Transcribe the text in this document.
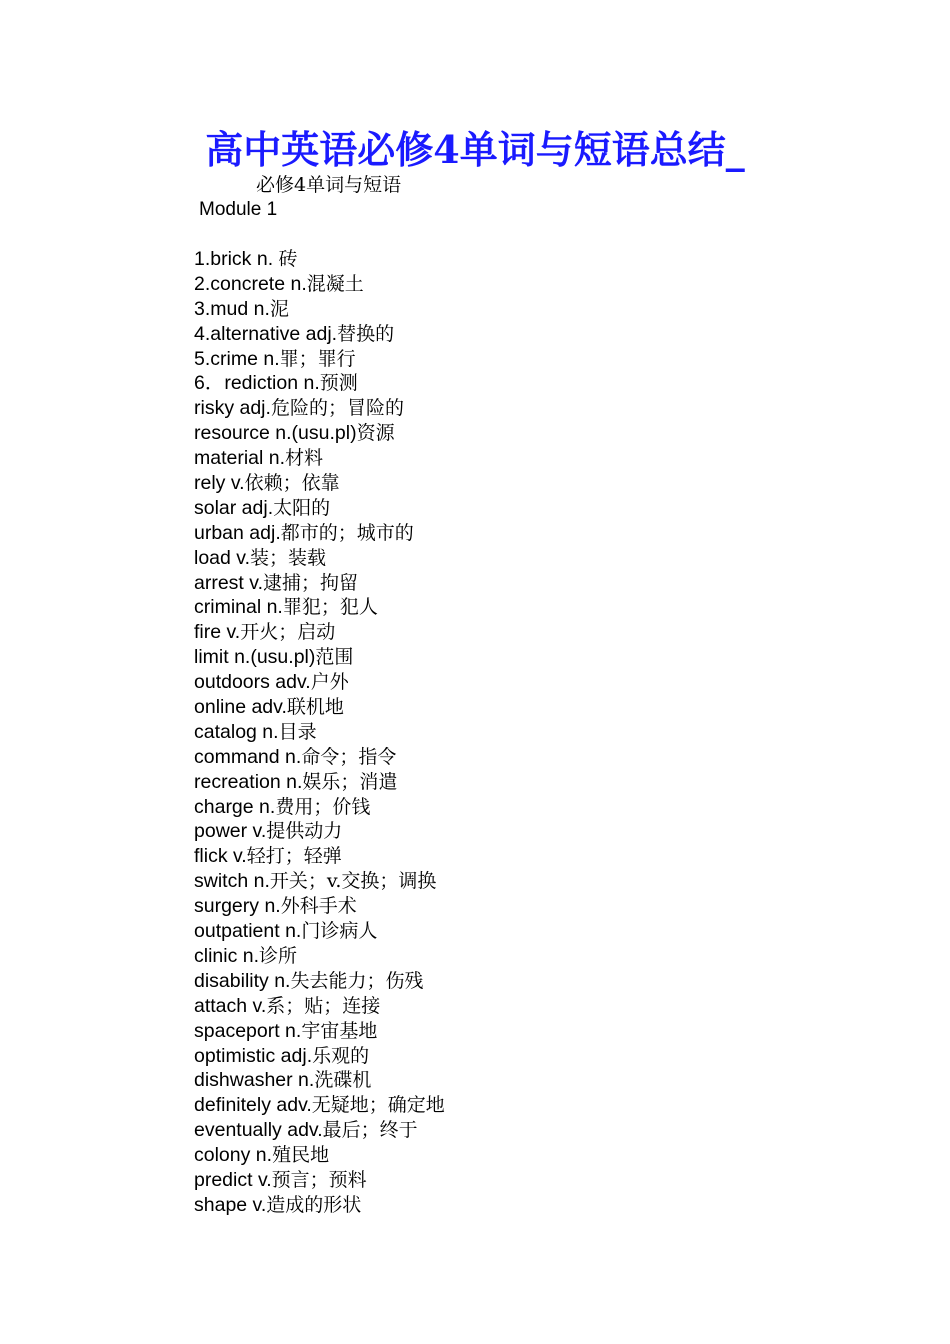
高中英语必修4单词与短语总结_
必修4单词与短语
Module 1
1.brick n. 砖
2.concrete n.混凝土
3.mud n.泥
4.alternative adj.替换的
5.crime n.罪；罪行
6．rediction n.预测
risky adj.危险的；冒险的
resource n.(usu.pl)资源
material n.材料
rely v.依赖；依靠
solar adj.太阳的
urban adj.都市的；城市的
load v.装；装载
arrest v.逮捕；拘留
criminal n.罪犯；犯人
fire v.开火；启动
limit n.(usu.pl)范围
outdoors adv.户外
online adv.联机地
catalog n.目录
command n.命令；指令
recreation n.娱乐；消遣
charge n.费用；价钱
power v.提供动力
flick v.轻打；轻弹
switch n.开关；v.交换；调换
surgery n.外科手术
outpatient n.门诊病人
clinic n.诊所
disability n.失去能力；伤残
attach v.系；贴；连接
spaceport n.宇宙基地
optimistic adj.乐观的
dishwasher n.洗碟机
definitely adv.无疑地；确定地
eventually adv.最后；终于
colony n.殖民地
predict v.预言；预料
shape v.造成的形状
